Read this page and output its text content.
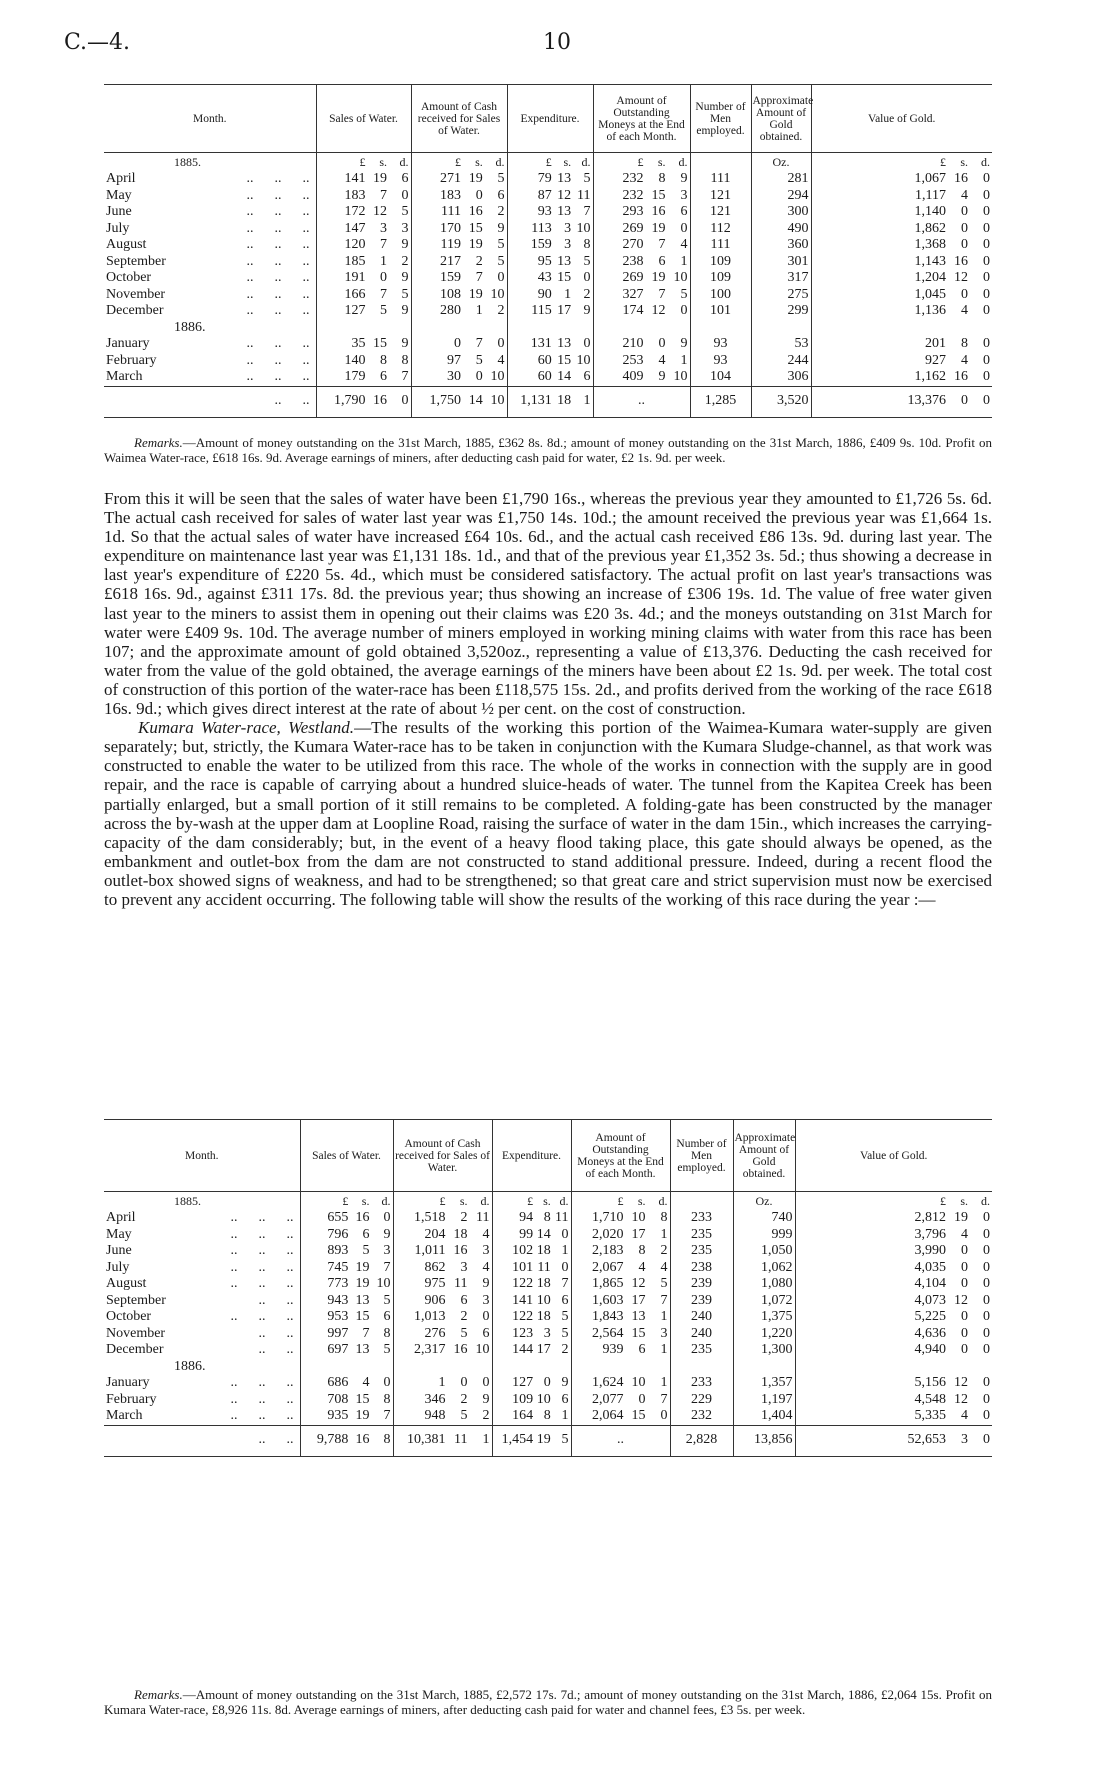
C.—4.	10
Month.	Sales of Water.	Amount of Cash received for Sales of Water.	Expenditure.	Amount of Outstanding Moneys at the End of each Month.	Number of Men employed.	Approximate Amount of Gold obtained.	Value of Gold.
1885.	£ s. d.	£ s. d.	£ s. d.	£ s. d.		Oz.	£ s. d.

April ..      ..      ..	141 19 6	271 19 5	79 13 5	232 8 9	111	281	1,067 16 0

May ..      ..      ..	183 7 0	183 0 6	87 12 11	232 15 3	121	294	1,117 4 0

June ..      ..      ..	172 12 5	111 16 2	93 13 7	293 16 6	121	300	1,140 0 0

July ..      ..      ..	147 3 3	170 15 9	113 3 10	269 19 0	112	490	1,862 0 0

August ..      ..      ..	120 7 9	119 19 5	159 3 8	270 7 4	111	360	1,368 0 0

September ..      ..      ..	185 1 2	217 2 5	95 13 5	238 6 1	109	301	1,143 16 0

October ..      ..      ..	191 0 9	159 7 0	43 15 0	269 19 10	109	317	1,204 12 0

November ..      ..      ..	166 7 5	108 19 10	90 1 2	327 7 5	100	275	1,045 0 0

December ..      ..      ..	127 5 9	280 1 2	115 17 9	174 12 0	101	299	1,136 4 0

1886.							
January ..      ..      ..	35 15 9	0 7 0	131 13 0	210 0 9	93	53	201 8 0

February ..      ..      ..	140 8 8	97 5 4	60 15 10	253 4 1	93	244	927 4 0

March ..      ..      ..	179 6 7	30 0 10	60 14 6	409 9 10	104	306	1,162 16 0

..      ..	1,790 16 0	1,750 14 10	1,131 18 1	..	1,285	3,520	13,376 0 0
Remarks.—Amount of money outstanding on the 31st March, 1885, £362 8s. 8d.; amount of money outstanding on the 31st March, 1886, £409 9s. 10d. Profit on Waimea Water-race, £618 16s. 9d. Average earnings of miners, after deducting cash paid for water, £2 1s. 9d. per week.

From this it will be seen that the sales of water have been £1,790 16s., whereas the previous year they amounted to £1,726 5s. 6d. The actual cash received for sales of water last year was £1,750 14s. 10d.; the amount received the previous year was £1,664 1s. 1d. So that the actual sales of water have increased £64 10s. 6d., and the actual cash received £86 13s. 9d. during last year. The expenditure on maintenance last year was £1,131 18s. 1d., and that of the previous year £1,352 3s. 5d.; thus showing a decrease in last year's expenditure of £220 5s. 4d., which must be considered satisfactory. The actual profit on last year's transactions was £618 16s. 9d., against £311 17s. 8d. the previous year; thus showing an increase of £306 19s. 1d. The value of free water given last year to the miners to assist them in opening out their claims was £20 3s. 4d.; and the moneys outstanding on 31st March for water were £409 9s. 10d. The average number of miners employed in working mining claims with water from this race has been 107; and the approximate amount of gold obtained 3,520oz., representing a value of £13,376. Deducting the cash received for water from the value of the gold obtained, the average earnings of the miners have been about £2 1s. 9d. per week. The total cost of construction of this portion of the water-race has been £118,575 15s. 2d., and profits derived from the working of the race £618 16s. 9d.; which gives direct interest at the rate of about ½ per cent. on the cost of construction.

Kumara Water-race, Westland.—The results of the working this portion of the Waimea-Kumara water-supply are given separately; but, strictly, the Kumara Water-race has to be taken in conjunction with the Kumara Sludge-channel, as that work was constructed to enable the water to be utilized from this race. The whole of the works in connection with the supply are in good repair, and the race is capable of carrying about a hundred sluice-heads of water. The tunnel from the Kapitea Creek has been partially enlarged, but a small portion of it still remains to be completed. A folding-gate has been constructed by the manager across the by-wash at the upper dam at Loopline Road, raising the surface of water in the dam 15in., which increases the carrying-capacity of the dam considerably; but, in the event of a heavy flood taking place, this gate should always be opened, as the embankment and outlet-box from the dam are not constructed to stand additional pressure. Indeed, during a recent flood the outlet-box showed signs of weakness, and had to be strengthened; so that great care and strict supervision must now be exercised to prevent any accident occurring. The following table will show the results of the working of this race during the year :—

Month.	Sales of Water.	Amount of Cash received for Sales of Water.	Expenditure.	Amount of Outstanding Moneys at the End of each Month.	Number of Men employed.	Approximate Amount of Gold obtained.	Value of Gold.
1885.	£ s. d.	£ s. d.	£ s. d.	£ s. d.		Oz.	£ s. d.

April ..      ..      ..	655 16 0	1,518 2 11	94 8 11	1,710 10 8	233	740	2,812 19 0

May ..      ..      ..	796 6 9	204 18 4	99 14 0	2,020 17 1	235	999	3,796 4 0

June ..      ..      ..	893 5 3	1,011 16 3	102 18 1	2,183 8 2	235	1,050	3,990 0 0

July ..      ..      ..	745 19 7	862 3 4	101 11 0	2,067 4 4	238	1,062	4,035 0 0

August ..      ..      ..	773 19 10	975 11 9	122 18 7	1,865 12 5	239	1,080	4,104 0 0

September ..      ..	943 13 5	906 6 3	141 10 6	1,603 17 7	239	1,072	4,073 12 0

October ..      ..      ..	953 15 6	1,013 2 0	122 18 5	1,843 13 1	240	1,375	5,225 0 0

November ..      ..	997 7 8	276 5 6	123 3 5	2,564 15 3	240	1,220	4,636 0 0

December ..      ..	697 13 5	2,317 16 10	144 17 2	939 6 1	235	1,300	4,940 0 0

1886.							
January ..      ..      ..	686 4 0	1 0 0	127 0 9	1,624 10 1	233	1,357	5,156 12 0

February ..      ..      ..	708 15 8	346 2 9	109 10 6	2,077 0 7	229	1,197	4,548 12 0

March ..      ..      ..	935 19 7	948 5 2	164 8 1	2,064 15 0	232	1,404	5,335 4 0

..      ..	9,788 16 8	10,381 11 1	1,454 19 5	..	2,828	13,856	52,653 3 0
Remarks.—Amount of money outstanding on the 31st March, 1885, £2,572 17s. 7d.; amount of money outstanding on the 31st March, 1886, £2,064 15s. Profit on Kumara Water-race, £8,926 11s. 8d. Average earnings of miners, after deducting cash paid for water and channel fees, £3 5s. per week.
